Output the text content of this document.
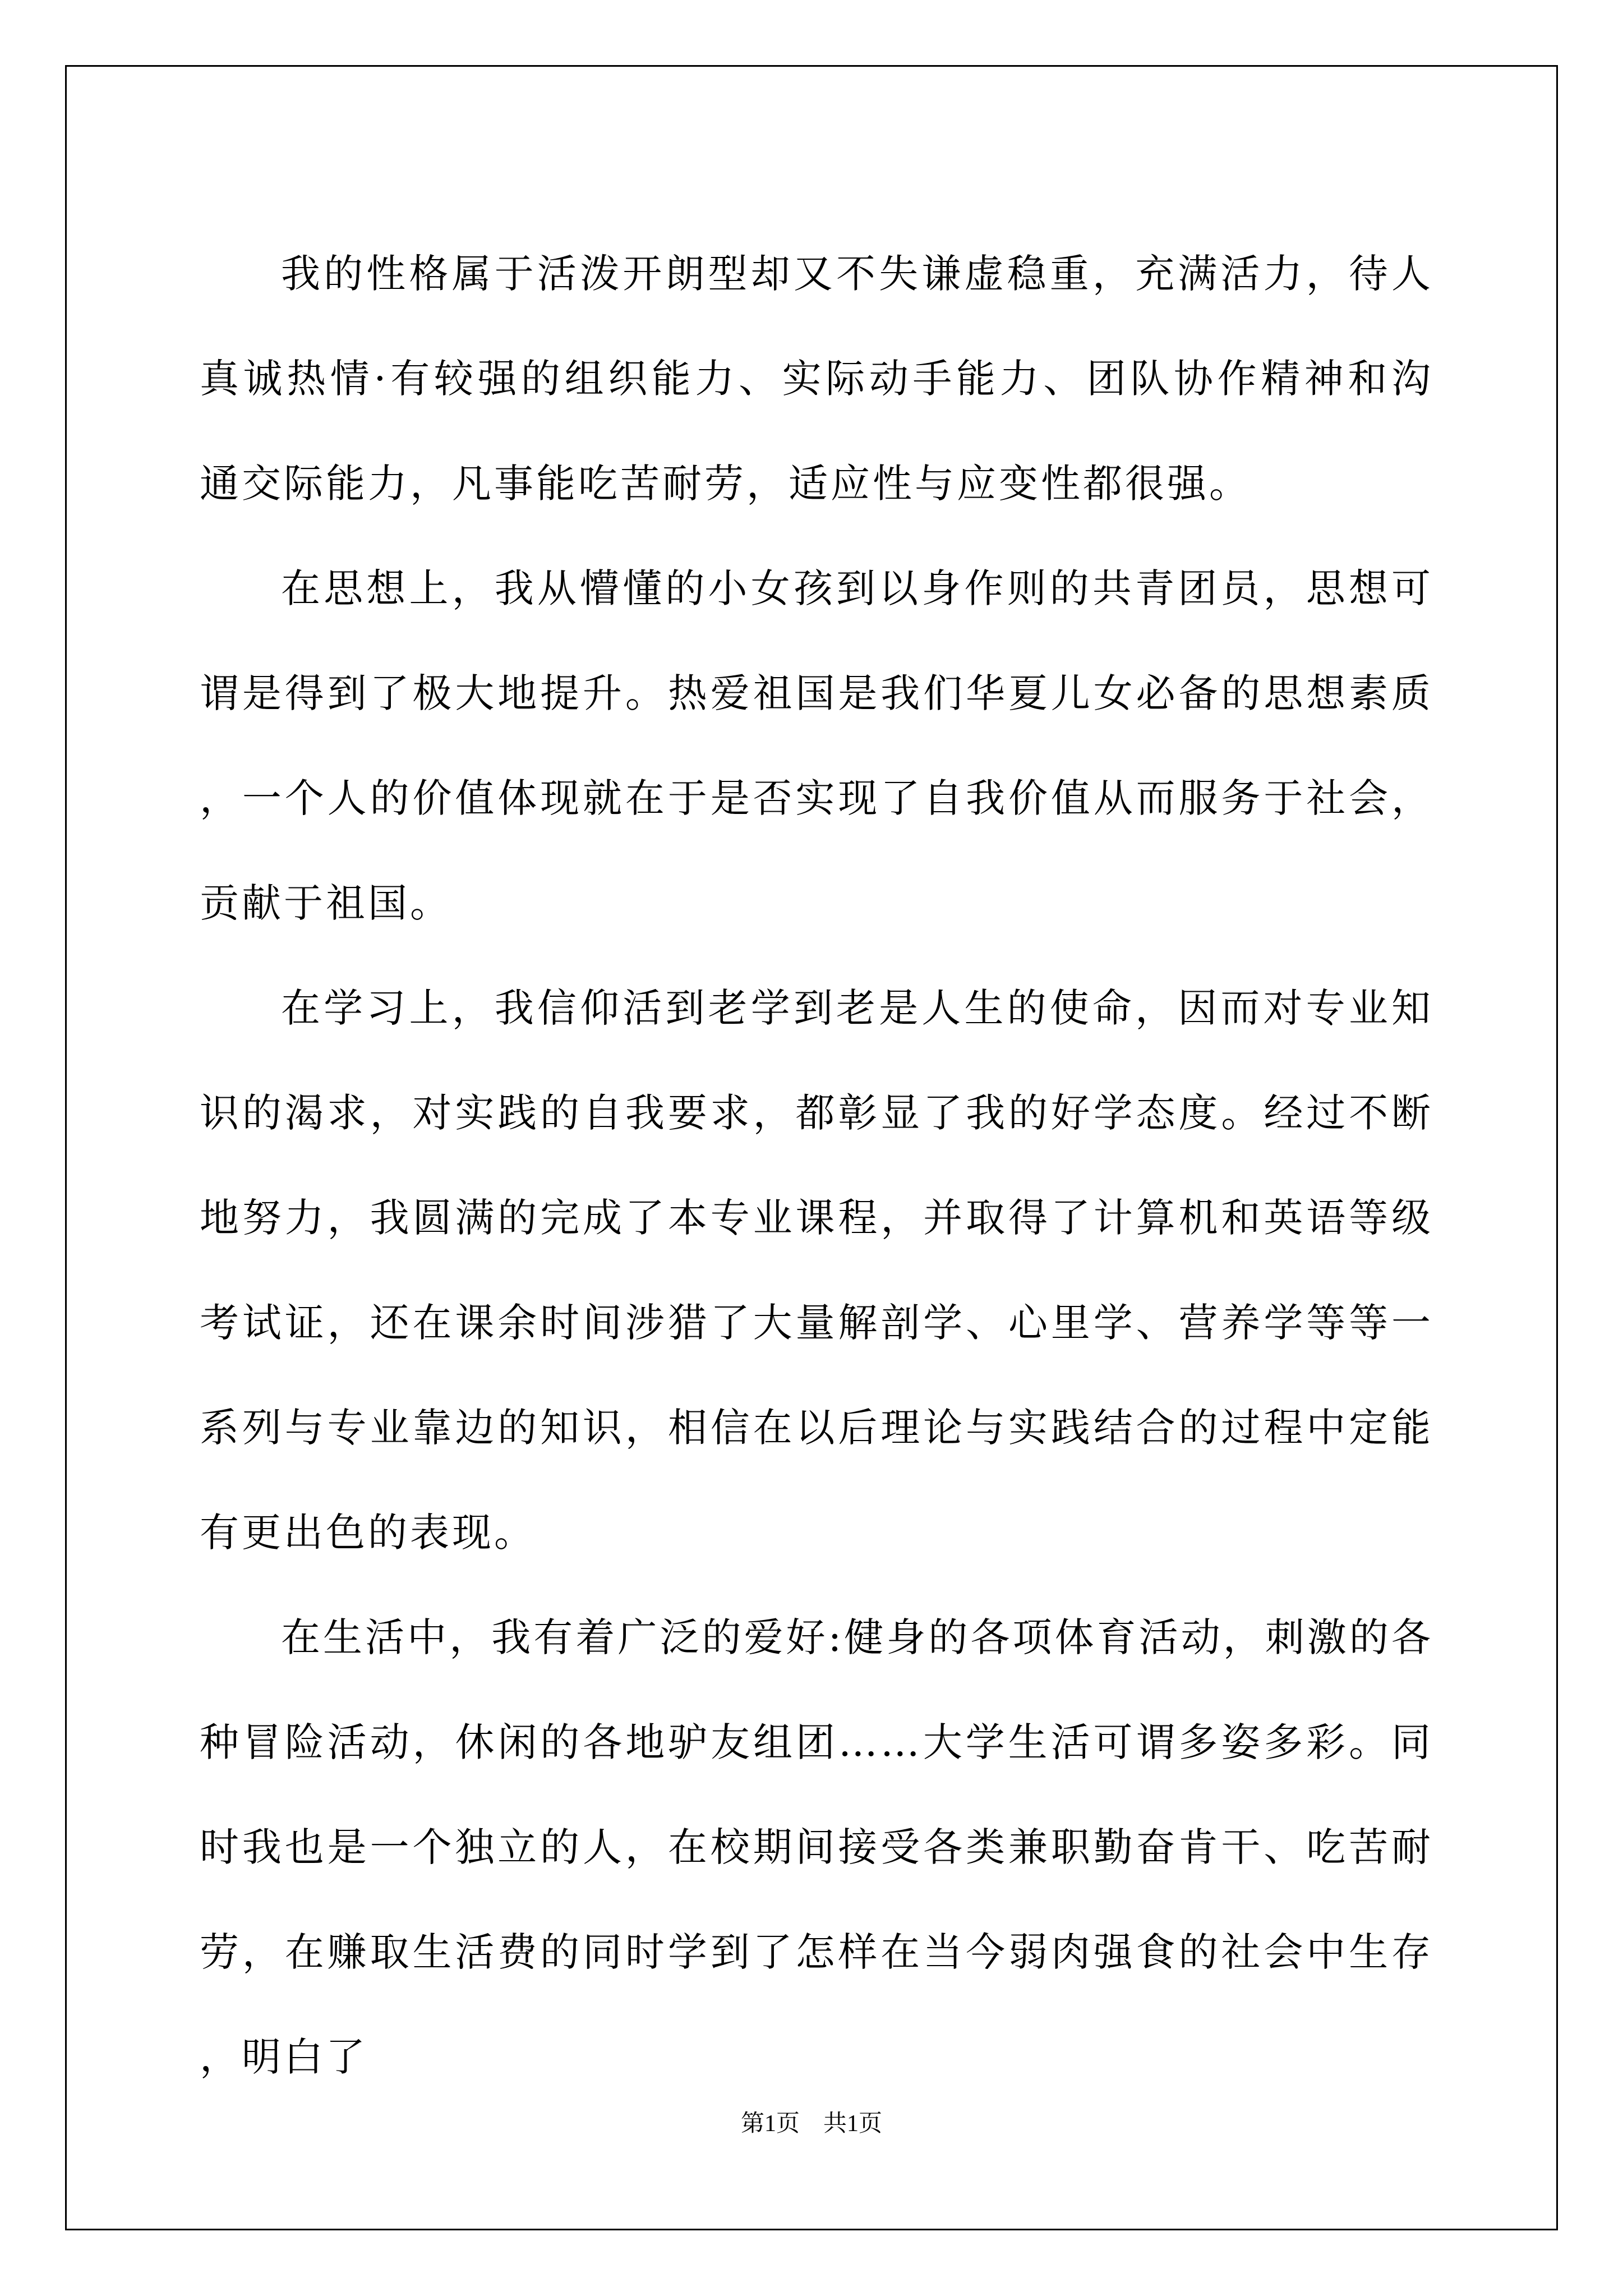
我的性格属于活泼开朗型却又不失谦虚稳重，充满活力，待人真诚热情·有较强的组织能力、实际动手能力、团队协作精神和沟通交际能力，凡事能吃苦耐劳，适应性与应变性都很强。

在思想上，我从懵懂的小女孩到以身作则的共青团员，思想可谓是得到了极大地提升。热爱祖国是我们华夏儿女必备的思想素质，一个人的价值体现就在于是否实现了自我价值从而服务于社会，贡献于祖国。

在学习上，我信仰活到老学到老是人生的使命，因而对专业知识的渴求，对实践的自我要求，都彰显了我的好学态度。经过不断地努力，我圆满的完成了本专业课程，并取得了计算机和英语等级考试证，还在课余时间涉猎了大量解剖学、心里学、营养学等等一系列与专业靠边的知识，相信在以后理论与实践结合的过程中定能有更出色的表现。

在生活中，我有着广泛的爱好:健身的各项体育活动，刺激的各种冒险活动，休闲的各地驴友组团……大学生活可谓多姿多彩。同时我也是一个独立的人，在校期间接受各类兼职勤奋肯干、吃苦耐劳，在赚取生活费的同时学到了怎样在当今弱肉强食的社会中生存，明白了

第1页　共1页
